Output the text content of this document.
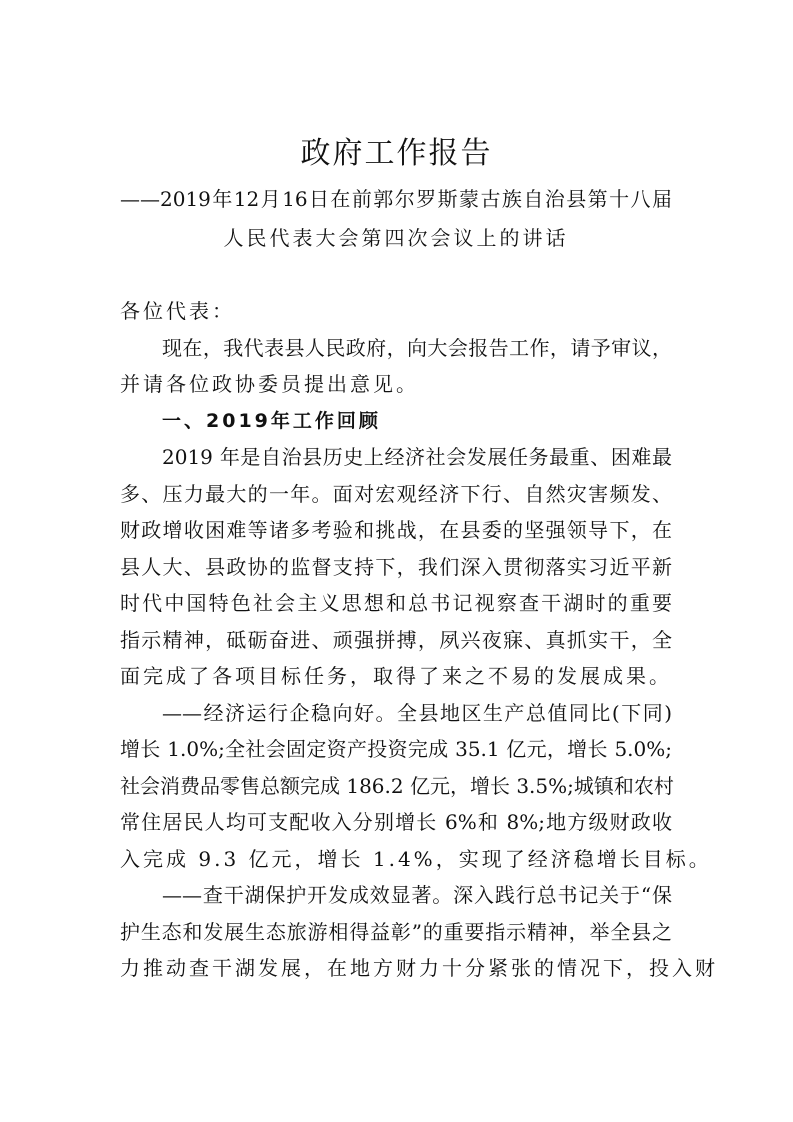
政府工作报告
——2019年12月16日在前郭尔罗斯蒙古族自治县第十八届
人民代表大会第四次会议上的讲话
各位代表：
现在，我代表县人民政府，向大会报告工作，请予审议，
并请各位政协委员提出意见。
一、2019年工作回顾
2019 年是自治县历史上经济社会发展任务最重、困难最
多、压力最大的一年。面对宏观经济下行、自然灾害频发、
财政增收困难等诸多考验和挑战，在县委的坚强领导下，在
县人大、县政协的监督支持下，我们深入贯彻落实习近平新
时代中国特色社会主义思想和总书记视察查干湖时的重要
指示精神，砥砺奋进、顽强拼搏，夙兴夜寐、真抓实干，全
面完成了各项目标任务，取得了来之不易的发展成果。
——经济运行企稳向好。全县地区生产总值同比(下同)
增长 1.0%;全社会固定资产投资完成 35.1 亿元，增长 5.0%;
社会消费品零售总额完成 186.2 亿元，增长 3.5%;城镇和农村
常住居民人均可支配收入分别增长 6%和 8%;地方级财政收
入完成 9.3 亿元，增长 1.4%，实现了经济稳增长目标。
——查干湖保护开发成效显著。深入践行总书记关于“保
护生态和发展生态旅游相得益彰”的重要指示精神，举全县之
力推动查干湖发展，在地方财力十分紧张的情况下，投入财
